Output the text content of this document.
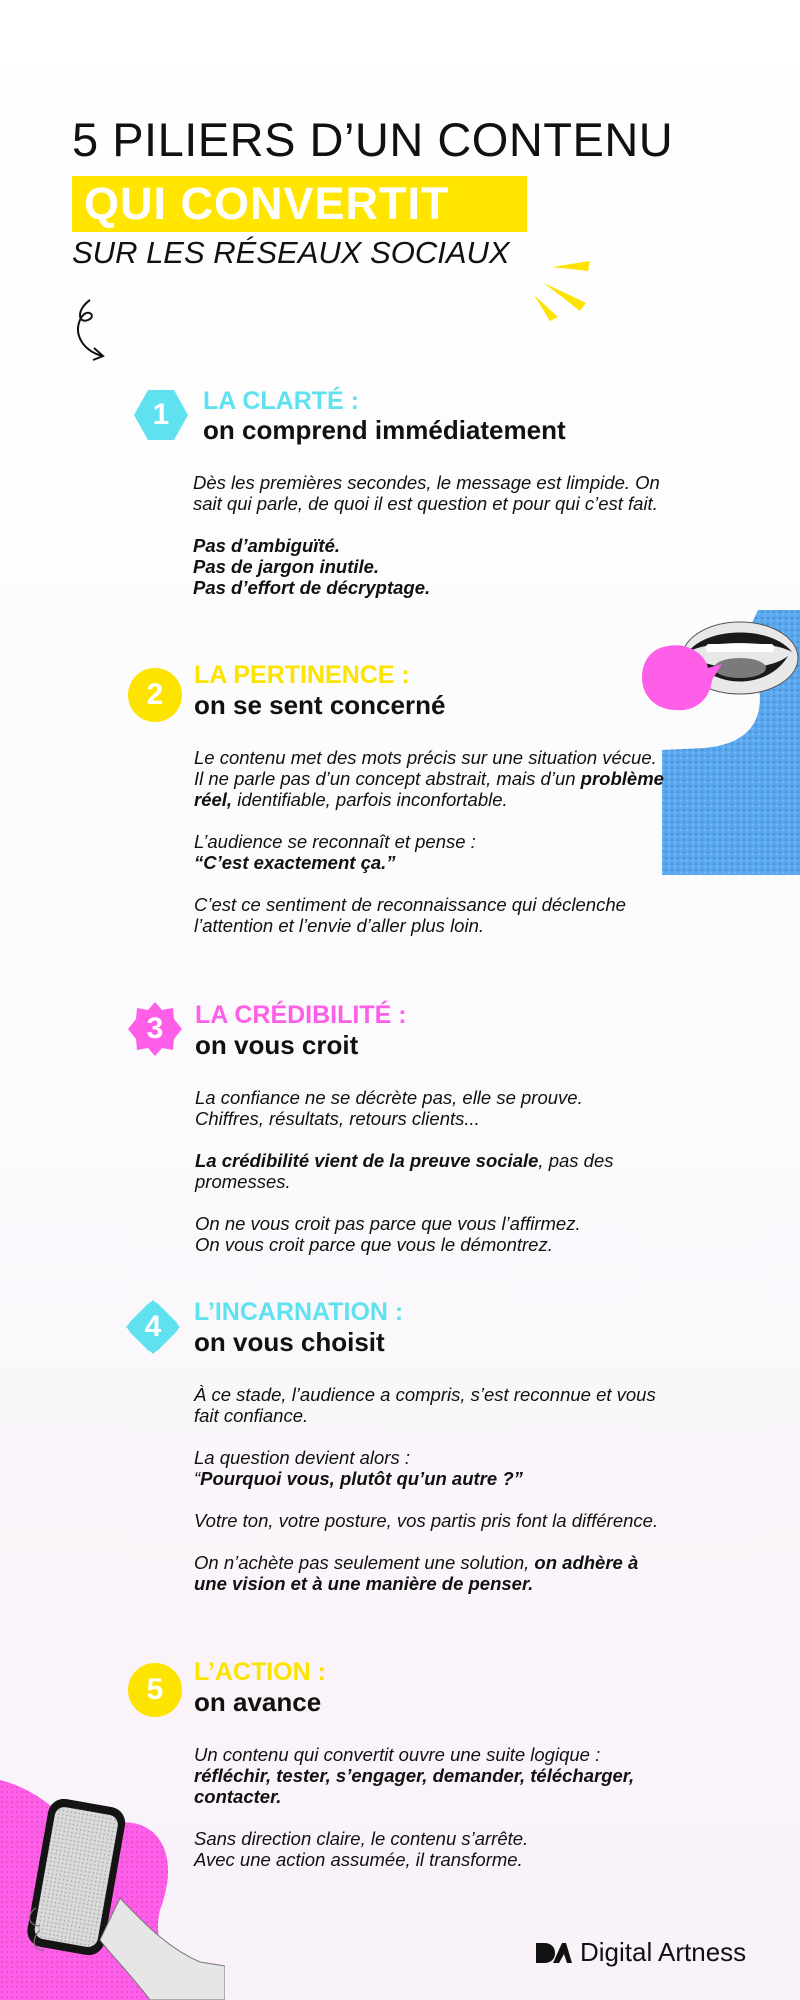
5 PILIERS D’UN CONTENU
QUI CONVERTIT
SUR LES RÉSEAUX SOCIAUX
1	LA CLARTÉ :
on comprend immédiatement

Dès les premières secondes, le message est limpide. On sait qui parle, de quoi il est question et pour qui c’est fait.

Pas d’ambiguïté.
Pas de jargon inutile.
Pas d’effort de décryptage.

2
LA PERTINENCE :
on se sent concerné

Le contenu met des mots précis sur une situation vécue.
Il ne parle pas d’un concept abstrait, mais d’un problème réel, identifiable, parfois inconfortable.

L’audience se reconnaît et pense :
“C’est exactement ça.”

C’est ce sentiment de reconnaissance qui déclenche l’attention et l’envie d’aller plus loin.

3	LA CRÉDIBILITÉ :
on vous croit

La confiance ne se décrète pas, elle se prouve.
Chiffres, résultats, retours clients...

La crédibilité vient de la preuve sociale, pas des promesses.

On ne vous croit pas parce que vous l’affirmez.
On vous croit parce que vous le démontrez.

4	L’INCARNATION :
on vous choisit

À ce stade, l’audience a compris, s’est reconnue et vous fait confiance.

La question devient alors :
“Pourquoi vous, plutôt qu’un autre ?”

Votre ton, votre posture, vos partis pris font la différence.

On n’achète pas seulement une solution, on adhère à une vision et à une manière de penser.

5
L’ACTION :
on avance

Un contenu qui convertit ouvre une suite logique :
réfléchir, tester, s’engager, demander, télécharger, contacter.

Sans direction claire, le contenu s’arrête.
Avec une action assumée, il transforme.

Digital Artness
